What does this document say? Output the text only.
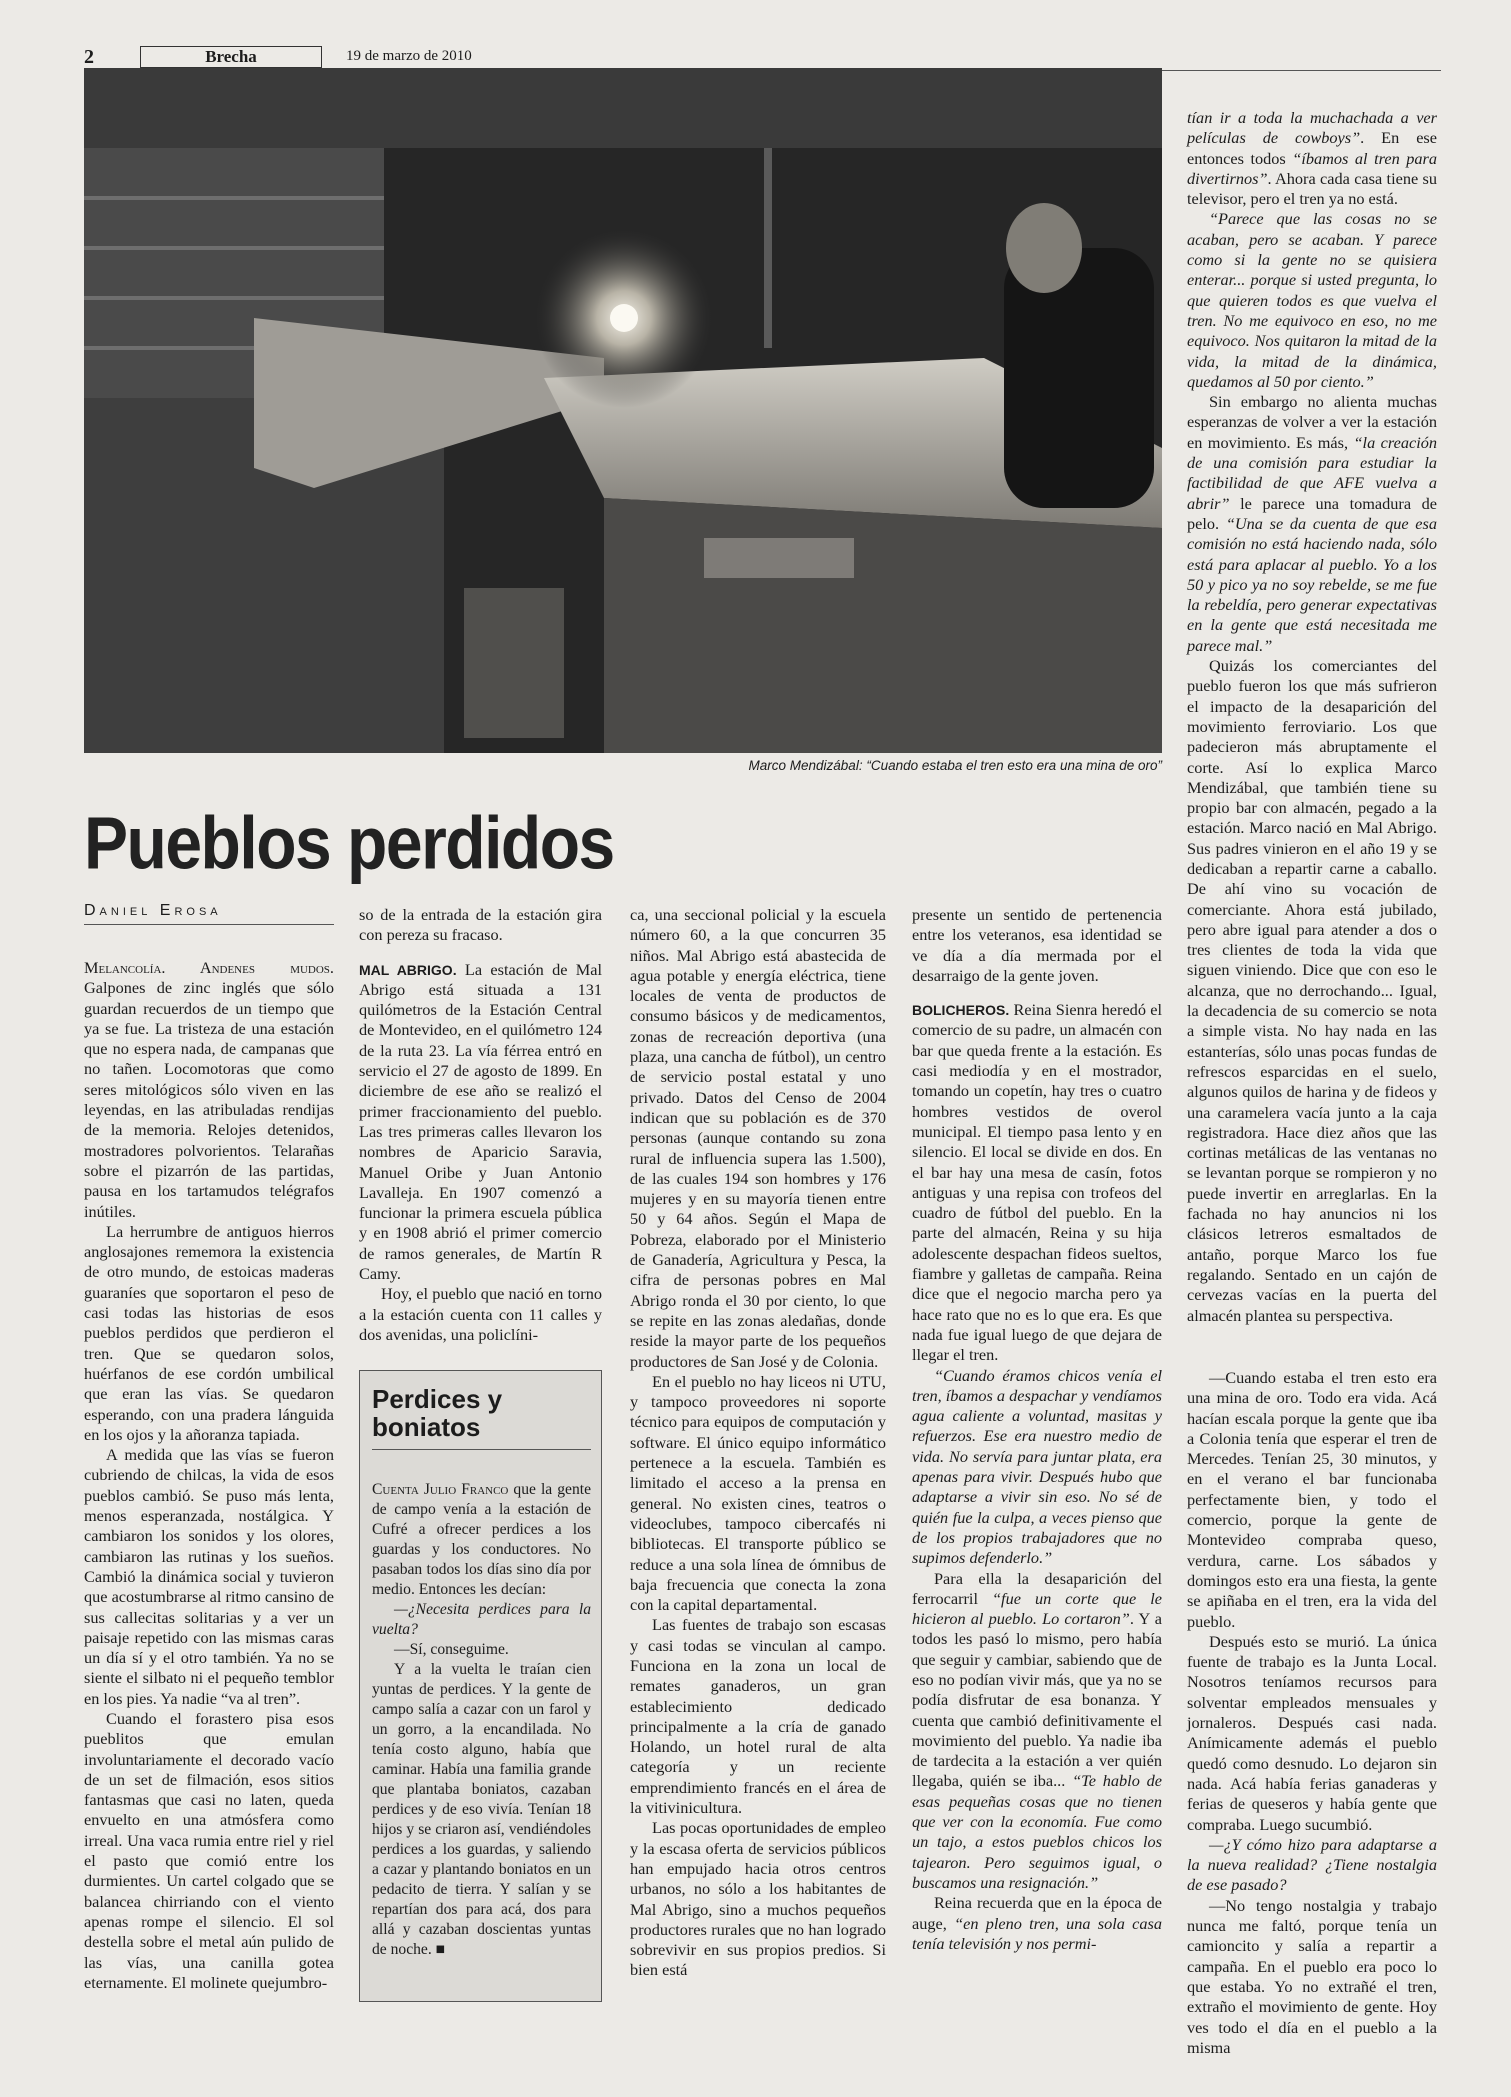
2	Brecha	19 de marzo de 2010
Marco Mendizábal: “Cuando estaba el tren esto era una mina de oro”
Pueblos perdidos
Daniel Erosa

Melancolía. Andenes mudos. Galpones de zinc inglés que sólo guardan recuerdos de un tiempo que ya se fue. La tristeza de una estación que no espera nada, de campanas que no tañen. Locomotoras que como seres mitológicos sólo viven en las leyendas, en las atribuladas rendijas de la memoria. Relojes detenidos, mostradores polvorientos. Telarañas sobre el pizarrón de las partidas, pausa en los tartamudos telégrafos inútiles.

La herrumbre de antiguos hierros anglosajones rememora la existencia de otro mundo, de estoicas maderas guaraníes que soportaron el peso de casi todas las historias de esos pueblos perdidos que perdieron el tren. Que se quedaron solos, huérfanos de ese cordón umbilical que eran las vías. Se quedaron esperando, con una pradera lánguida en los ojos y la añoranza tapiada.

A medida que las vías se fueron cubriendo de chilcas, la vida de esos pueblos cambió. Se puso más lenta, menos esperanzada, nostálgica. Y cambiaron los sonidos y los olores, cambiaron las rutinas y los sueños. Cambió la dinámica social y tuvieron que acostumbrarse al ritmo cansino de sus callecitas solitarias y a ver un paisaje repetido con las mismas caras un día sí y el otro también. Ya no se siente el silbato ni el pequeño temblor en los pies. Ya nadie “va al tren”.

Cuando el forastero pisa esos pueblitos que emulan involuntariamente el decorado vacío de un set de filmación, esos sitios fantasmas que casi no laten, queda envuelto en una atmósfera como irreal. Una vaca rumia entre riel y riel el pasto que comió entre los durmientes. Un cartel colgado que se balancea chirriando con el viento apenas rompe el silencio. El sol destella sobre el metal aún pulido de las vías, una canilla gotea eternamente. El molinete quejumbro-

so de la entrada de la estación gira con pereza su fracaso.

MAL ABRIGO. La estación de Mal Abrigo está situada a 131 quilómetros de la Estación Central de Montevideo, en el quilómetro 124 de la ruta 23. La vía férrea entró en servicio el 27 de agosto de 1899. En diciembre de ese año se realizó el primer fraccionamiento del pueblo. Las tres primeras calles llevaron los nombres de Aparicio Saravia, Manuel Oribe y Juan Antonio Lavalleja. En 1907 comenzó a funcionar la primera escuela pública y en 1908 abrió el primer comercio de ramos generales, de Martín R Camy.

Hoy, el pueblo que nació en torno a la estación cuenta con 11 calles y dos avenidas, una policlíni-

Perdices y boniatos

Cuenta Julio Franco que la gente de campo venía a la estación de Cufré a ofrecer perdices a los guardas y los conductores. No pasaban todos los días sino día por medio. Entonces les decían:

—¿Necesita perdices para la vuelta?

—Sí, conseguime.

Y a la vuelta le traían cien yuntas de perdices. Y la gente de campo salía a cazar con un farol y un gorro, a la encandilada. No tenía costo alguno, había que caminar. Había una familia grande que plantaba boniatos, cazaban perdices y de eso vivía. Tenían 18 hijos y se criaron así, vendiéndoles perdices a los guardas, y saliendo a cazar y plantando boniatos en un pedacito de tierra. Y salían y se repartían dos para acá, dos para allá y cazaban doscientas yuntas de noche. ■

ca, una seccional policial y la escuela número 60, a la que concurren 35 niños. Mal Abrigo está abastecida de agua potable y energía eléctrica, tiene locales de venta de productos de consumo básicos y de medicamentos, zonas de recreación deportiva (una plaza, una cancha de fútbol), un centro de servicio postal estatal y uno privado. Datos del Censo de 2004 indican que su población es de 370 personas (aunque contando su zona rural de influencia supera las 1.500), de las cuales 194 son hombres y 176 mujeres y en su mayoría tienen entre 50 y 64 años. Según el Mapa de Pobreza, elaborado por el Ministerio de Ganadería, Agricultura y Pesca, la cifra de personas pobres en Mal Abrigo ronda el 30 por ciento, lo que se repite en las zonas aledañas, donde reside la mayor parte de los pequeños productores de San José y de Colonia.

En el pueblo no hay liceos ni UTU, y tampoco proveedores ni soporte técnico para equipos de computación y software. El único equipo informático pertenece a la escuela. También es limitado el acceso a la prensa en general. No existen cines, teatros o videoclubes, tampoco cibercafés ni bibliotecas. El transporte público se reduce a una sola línea de ómnibus de baja frecuencia que conecta la zona con la capital departamental.

Las fuentes de trabajo son escasas y casi todas se vinculan al campo. Funciona en la zona un local de remates ganaderos, un gran establecimiento dedicado principalmente a la cría de ganado Holando, un hotel rural de alta categoría y un reciente emprendimiento francés en el área de la vitivinicultura.

Las pocas oportunidades de empleo y la escasa oferta de servicios públicos han empujado hacia otros centros urbanos, no sólo a los habitantes de Mal Abrigo, sino a muchos pequeños productores rurales que no han logrado sobrevivir en sus propios predios. Si bien está

presente un sentido de pertenencia entre los veteranos, esa identidad se ve día a día mermada por el desarraigo de la gente joven.

BOLICHEROS. Reina Sienra heredó el comercio de su padre, un almacén con bar que queda frente a la estación. Es casi mediodía y en el mostrador, tomando un copetín, hay tres o cuatro hombres vestidos de overol municipal. El tiempo pasa lento y en silencio. El local se divide en dos. En el bar hay una mesa de casín, fotos antiguas y una repisa con trofeos del cuadro de fútbol del pueblo. En la parte del almacén, Reina y su hija adolescente despachan fideos sueltos, fiambre y galletas de campaña. Reina dice que el negocio marcha pero ya hace rato que no es lo que era. Es que nada fue igual luego de que dejara de llegar el tren.

“Cuando éramos chicos venía el tren, íbamos a despachar y vendíamos agua caliente a voluntad, masitas y refuerzos. Ese era nuestro medio de vida. No servía para juntar plata, era apenas para vivir. Después hubo que adaptarse a vivir sin eso. No sé de quién fue la culpa, a veces pienso que de los propios trabajadores que no supimos defenderlo.”

Para ella la desaparición del ferrocarril “fue un corte que le hicieron al pueblo. Lo cortaron”. Y a todos les pasó lo mismo, pero había que seguir y cambiar, sabiendo que de eso no podían vivir más, que ya no se podía disfrutar de esa bonanza. Y cuenta que cambió definitivamente el movimiento del pueblo. Ya nadie iba de tardecita a la estación a ver quién llegaba, quién se iba... “Te hablo de esas pequeñas cosas que no tienen que ver con la economía. Fue como un tajo, a estos pueblos chicos los tajearon. Pero seguimos igual, o buscamos una resignación.”

Reina recuerda que en la época de auge, “en pleno tren, una sola casa tenía televisión y nos permi-

tían ir a toda la muchachada a ver películas de cowboys”. En ese entonces todos “íbamos al tren para divertirnos”. Ahora cada casa tiene su televisor, pero el tren ya no está.

“Parece que las cosas no se acaban, pero se acaban. Y parece como si la gente no se quisiera enterar... porque si usted pregunta, lo que quieren todos es que vuelva el tren. No me equivoco en eso, no me equivoco. Nos quitaron la mitad de la vida, la mitad de la dinámica, quedamos al 50 por ciento.”

Sin embargo no alienta muchas esperanzas de volver a ver la estación en movimiento. Es más, “la creación de una comisión para estudiar la factibilidad de que AFE vuelva a abrir” le parece una tomadura de pelo. “Una se da cuenta de que esa comisión no está haciendo nada, sólo está para aplacar al pueblo. Yo a los 50 y pico ya no soy rebelde, se me fue la rebeldía, pero generar expectativas en la gente que está necesitada me parece mal.”

Quizás los comerciantes del pueblo fueron los que más sufrieron el impacto de la desaparición del movimiento ferroviario. Los que padecieron más abruptamente el corte. Así lo explica Marco Mendizábal, que también tiene su propio bar con almacén, pegado a la estación. Marco nació en Mal Abrigo. Sus padres vinieron en el año 19 y se dedicaban a repartir carne a caballo. De ahí vino su vocación de comerciante. Ahora está jubilado, pero abre igual para atender a dos o tres clientes de toda la vida que siguen viniendo. Dice que con eso le alcanza, que no derrochando... Igual, la decadencia de su comercio se nota a simple vista. No hay nada en las estanterías, sólo unas pocas fundas de refrescos esparcidas en el suelo, algunos quilos de harina y de fideos y una caramelera vacía junto a la caja registradora. Hace diez años que las cortinas metálicas de las ventanas no se levantan porque se rompieron y no puede invertir en arreglarlas. En la fachada no hay anuncios ni los clásicos letreros esmaltados de antaño, porque Marco los fue regalando. Sentado en un cajón de cervezas vacías en la puerta del almacén plantea su perspectiva.

—Cuando estaba el tren esto era una mina de oro. Todo era vida. Acá hacían escala porque la gente que iba a Colonia tenía que esperar el tren de Mercedes. Tenían 25, 30 minutos, y en el verano el bar funcionaba perfectamente bien, y todo el comercio, porque la gente de Montevideo compraba queso, verdura, carne. Los sábados y domingos esto era una fiesta, la gente se apiñaba en el tren, era la vida del pueblo.

Después esto se murió. La única fuente de trabajo es la Junta Local. Nosotros teníamos recursos para solventar empleados mensuales y jornaleros. Después casi nada. Anímicamente además el pueblo quedó como desnudo. Lo dejaron sin nada. Acá había ferias ganaderas y ferias de queseros y había gente que compraba. Luego sucumbió.

—¿Y cómo hizo para adaptarse a la nueva realidad? ¿Tiene nostalgia de ese pasado?

—No tengo nostalgia y trabajo nunca me faltó, porque tenía un camioncito y salía a repartir a campaña. En el pueblo era poco lo que estaba. Yo no extrañé el tren, extraño el movimiento de gente. Hoy ves todo el día en el pueblo a la misma
